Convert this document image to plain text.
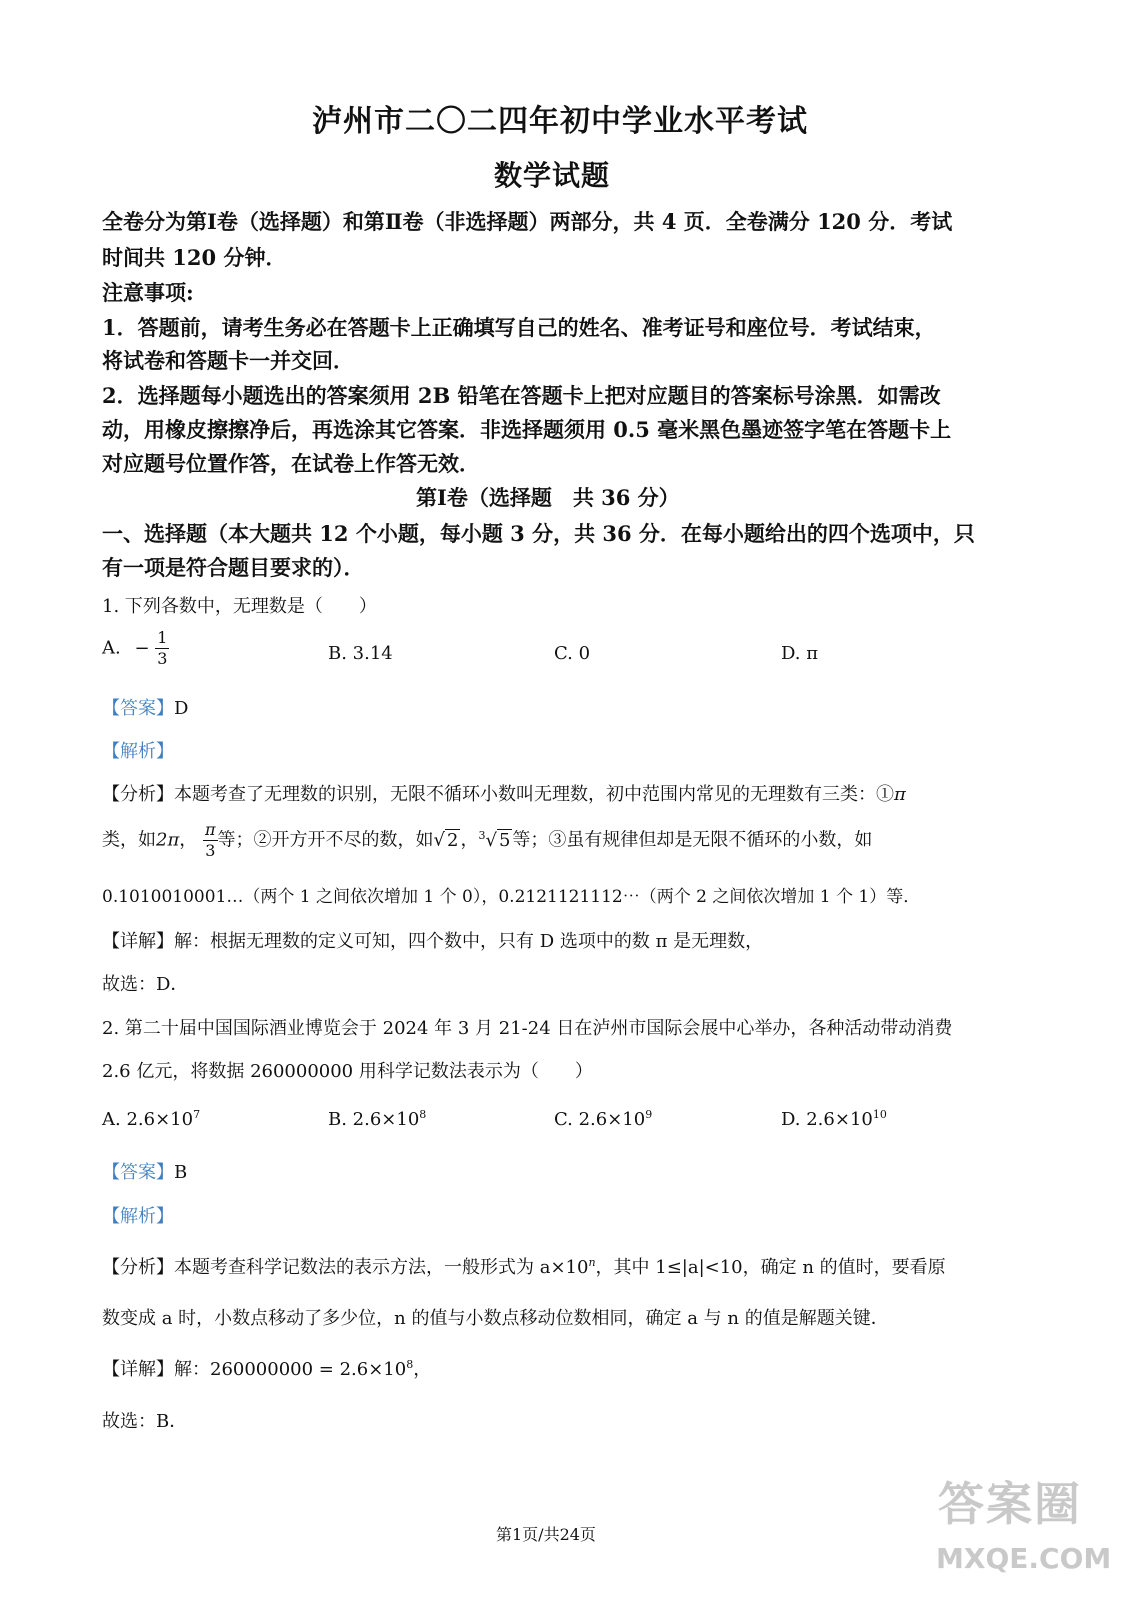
泸州市二〇二四年初中学业水平考试
数学试题
全卷分为第Ⅰ卷（选择题）和第Ⅱ卷（非选择题）两部分，共 4 页．全卷满分 120 分．考试
时间共 120 分钟．
注意事项:
1．答题前，请考生务必在答题卡上正确填写自己的姓名、准考证号和座位号．考试结束，
将试卷和答题卡一并交回．
2．选择题每小题选出的答案须用 2B 铅笔在答题卡上把对应题目的答案标号涂黑．如需改
动，用橡皮擦擦净后，再选涂其它答案．非选择题须用 0.5 毫米黑色墨迹签字笔在答题卡上
对应题号位置作答，在试卷上作答无效．
第Ⅰ卷（选择题　共 36 分）
一、选择题（本大题共 12 个小题，每小题 3 分，共 36 分．在每小题给出的四个选项中，只
有一项是符合题目要求的）．
1. 下列各数中，无理数是（　　）
A. − $\frac{1}{3}$	B. 3.14	C. 0	D. π
【答案】D
【解析】
【分析】本题考查了无理数的识别，无限不循环小数叫无理数，初中范围内常见的无理数有三类：①π
类，如2π， $\frac{\pi}{3}$ 等；②开方开不尽的数，如√ 2 ，$^3$√ 5 等；③虽有规律但却是无限不循环的小数，如
0.1010010001…（两个 1 之间依次增加 1 个 0），0.2121121112⋯（两个 2 之间依次增加 1 个 1）等．
【详解】解：根据无理数的定义可知，四个数中，只有 D 选项中的数 π 是无理数，
故选：D．
2. 第二十届中国国际酒业博览会于 2024 年 3 月 21-24 日在泸州市国际会展中心举办，各种活动带动消费
2.6 亿元，将数据 260000000 用科学记数法表示为（　　）
A. $2.6\times 10^7$	B. $2.6\times 10^8$	C. $2.6\times 10^9$	D. $2.6\times 10^{10}$
【答案】B
【解析】
【分析】本题考查科学记数法的表示方法，一般形式为 $a\times 10^n$，其中 1≤|a|<10，确定 n 的值时，要看原
数变成 a 时，小数点移动了多少位，n 的值与小数点移动位数相同，确定 a 与 n 的值是解题关键．
【详解】解：$260000000 = 2.6\times 10^8$，
故选：B．
第1页/共24页
答案圈
MXQE.COM
